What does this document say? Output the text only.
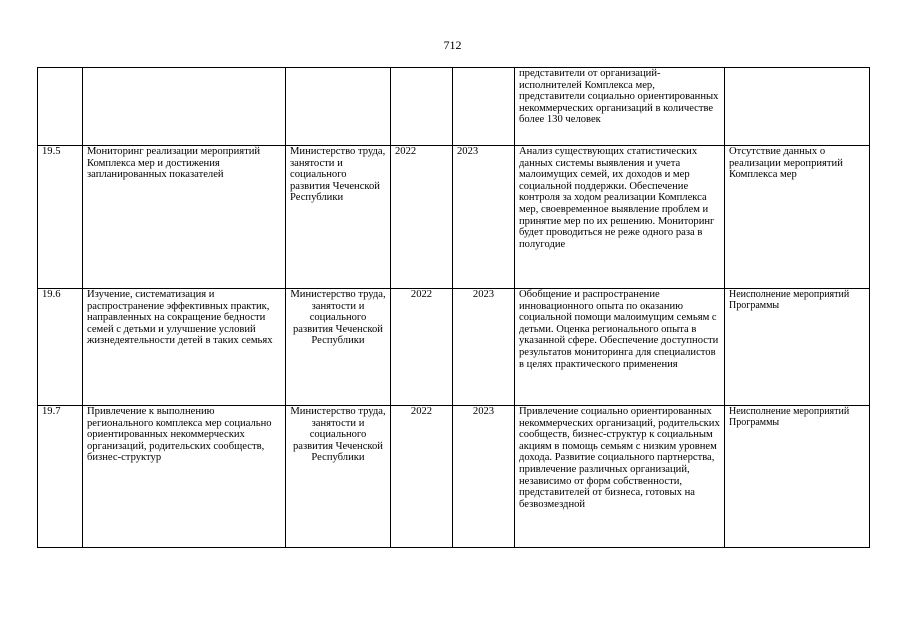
712
					представители от организаций-исполнителей Комплекса мер, представители социально ориентированных некоммерческих организаций в количестве более 130 человек	
19.5	Мониторинг реализации мероприятий Комплекса мер и достижения запланированных показателей	Министерство труда, занятости и социального развития Чеченской Республики	2022	2023	Анализ существующих статистических данных системы выявления и учета малоимущих семей, их доходов и мер социальной поддержки. Обеспечение контроля за ходом реализации Комплекса мер, своевременное выявление проблем и принятие мер по их решению. Мониторинг будет проводиться не реже одного раза в полугодие	Отсутствие данных о реализации мероприятий Комплекса мер
19.6	Изучение, систематизация и распространение эффективных практик, направленных на сокращение бедности семей с детьми и улучшение условий жизнедеятельности детей в таких семьях	Министерство труда, занятости и социального развития Чеченской Республики	2022	2023	Обобщение и распространение инновационного опыта по оказанию социальной помощи малоимущим семьям с детьми. Оценка регионального опыта в указанной сфере. Обеспечение доступности результатов мониторинга для специалистов в целях практического применения	Неисполнение мероприятий Программы
19.7	Привлечение к выполнению регионального комплекса мер социально ориентированных некоммерческих организаций, родительских сообществ, бизнес-структур	Министерство труда, занятости и социального развития Чеченской Республики	2022	2023	Привлечение социально ориентированных некоммерческих организаций, родительских сообществ, бизнес-структур к социальным акциям в помощь семьям с низким уровнем дохода. Развитие социального партнерства, привлечение различных организаций, независимо от форм собственности, представителей от бизнеса, готовых на безвозмездной	Неисполнение мероприятий Программы
